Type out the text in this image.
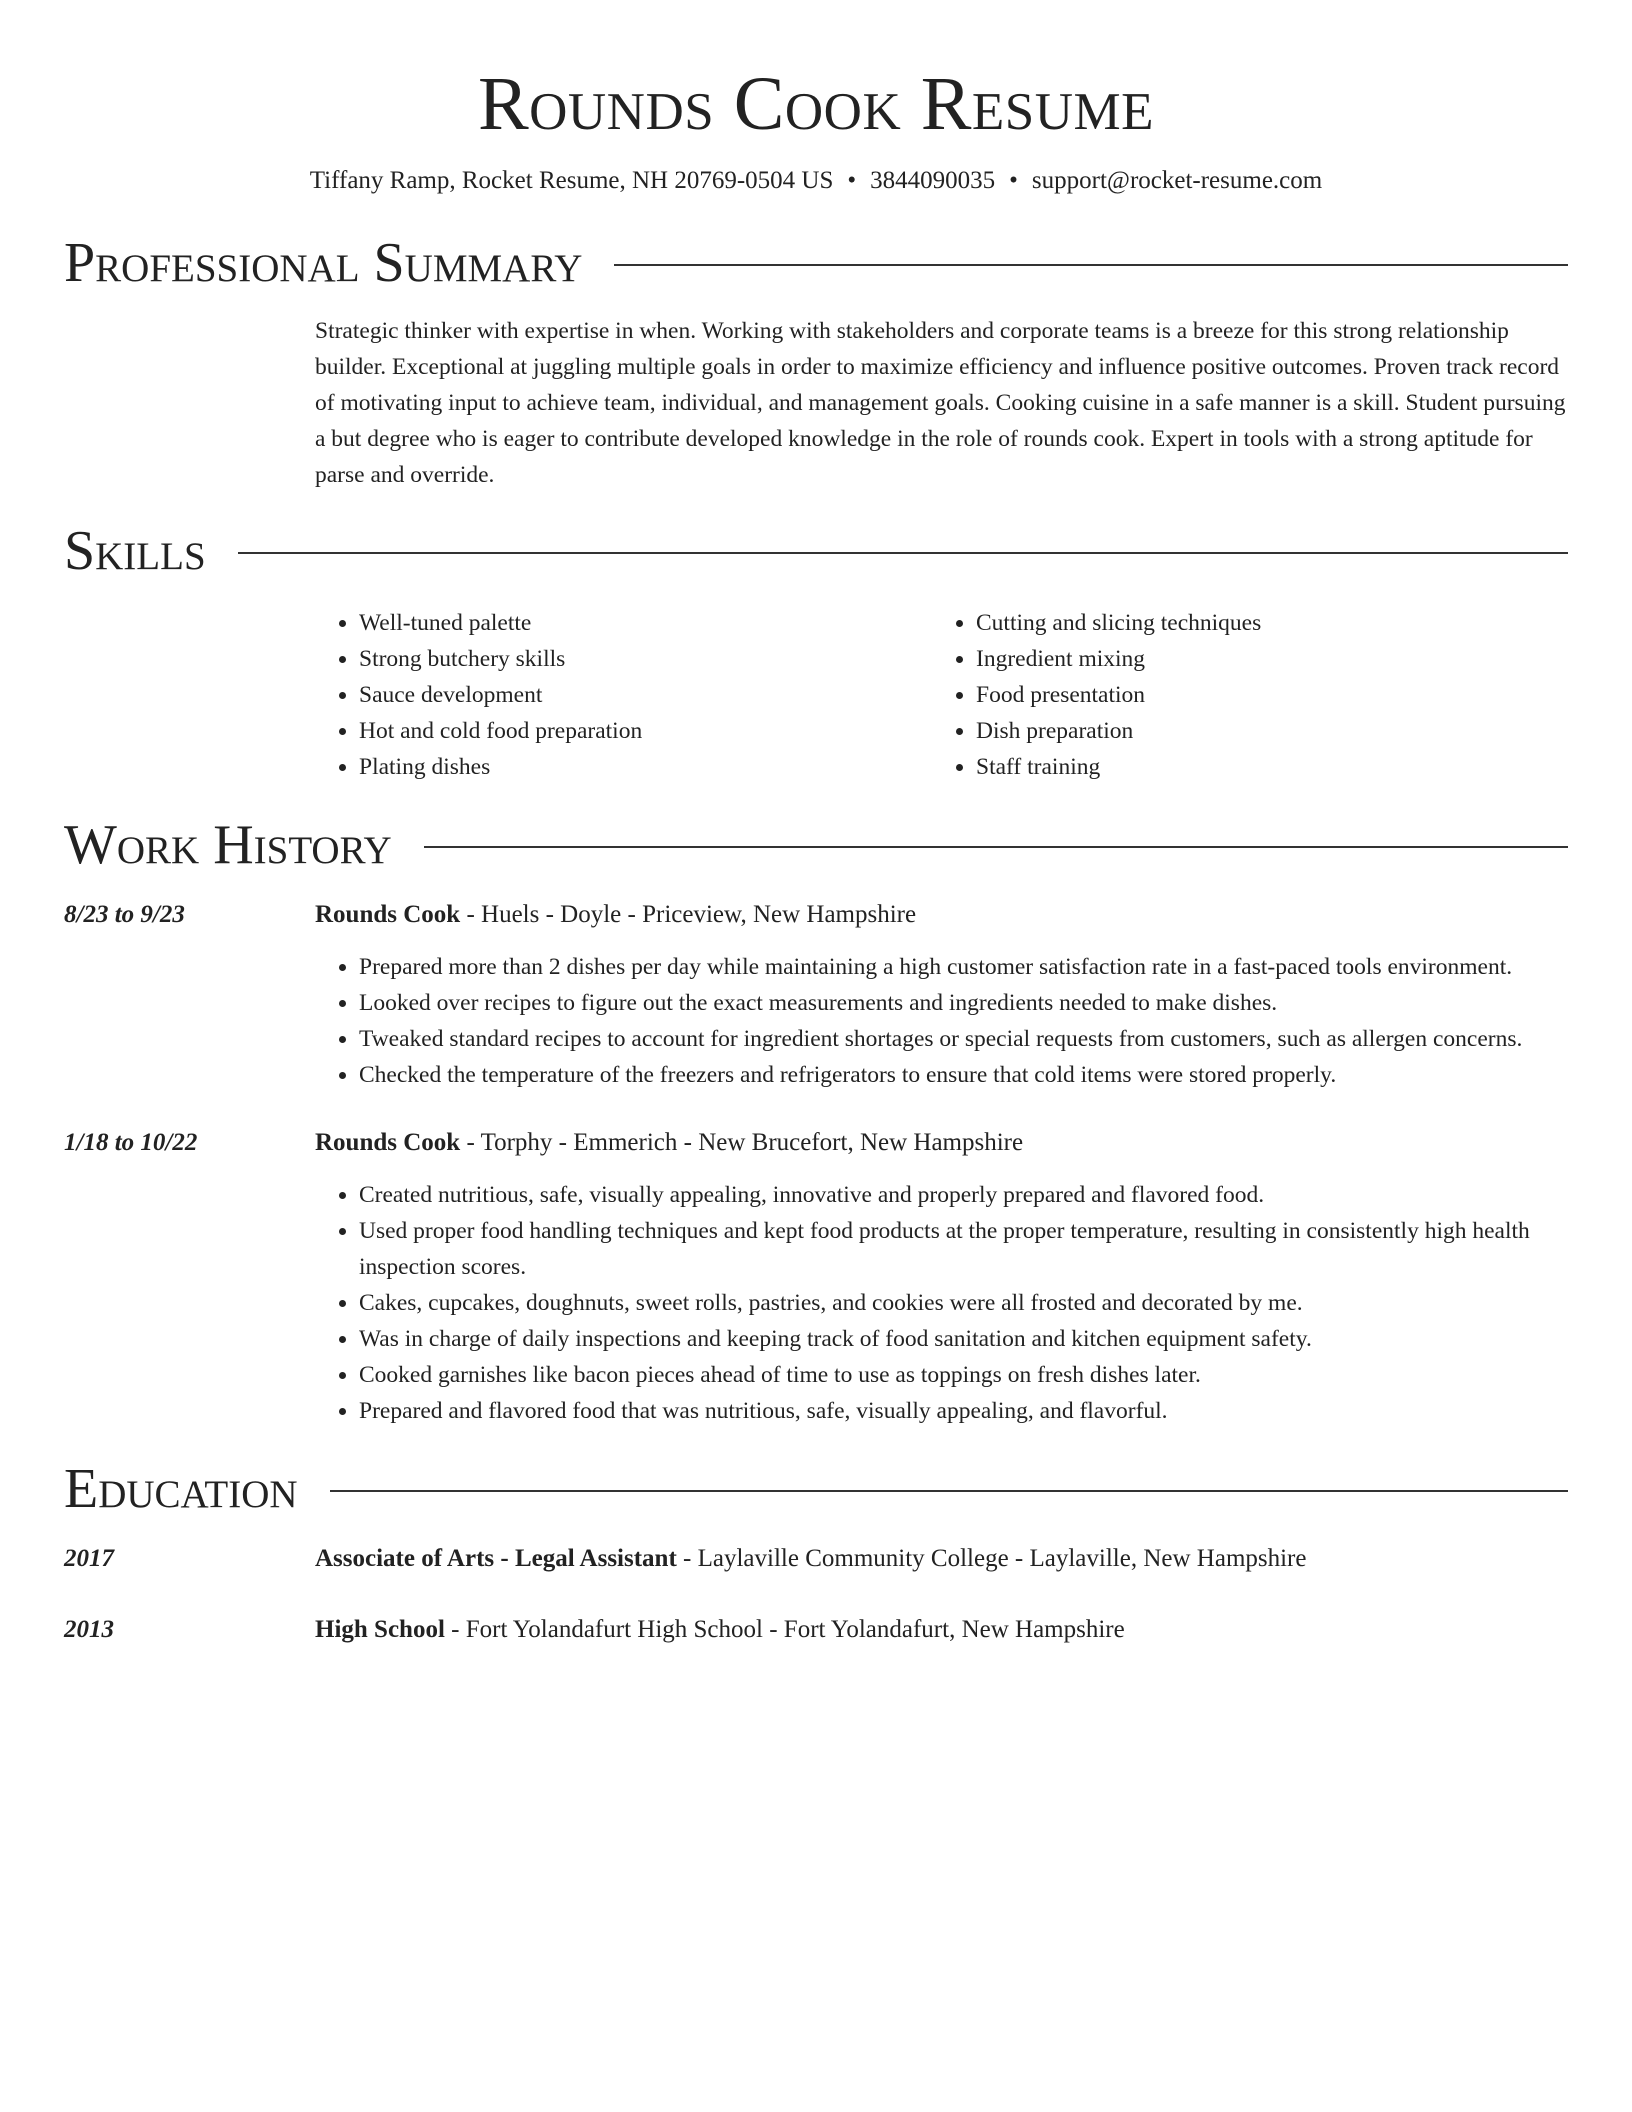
Rounds Cook Resume
Tiffany Ramp, Rocket Resume, NH 20769-0504 US • 3844090035 • support@rocket-resume.com
Professional Summary
Strategic thinker with expertise in when. Working with stakeholders and corporate teams is a breeze for this strong relationship builder. Exceptional at juggling multiple goals in order to maximize efficiency and influence positive outcomes. Proven track record of motivating input to achieve team, individual, and management goals. Cooking cuisine in a safe manner is a skill. Student pursuing a but degree who is eager to contribute developed knowledge in the role of rounds cook. Expert in tools with a strong aptitude for parse and override.
Skills
• Well-tuned palette
• Strong butchery skills
• Sauce development
• Hot and cold food preparation
• Plating dishes
• Cutting and slicing techniques
• Ingredient mixing
• Food presentation
• Dish preparation
• Staff training
Work History
8/23 to 9/23	Rounds Cook - Huels - Doyle - Priceview, New Hampshire
• Prepared more than 2 dishes per day while maintaining a high customer satisfaction rate in a fast-paced tools environment.
• Looked over recipes to figure out the exact measurements and ingredients needed to make dishes.
• Tweaked standard recipes to account for ingredient shortages or special requests from customers, such as allergen concerns.
• Checked the temperature of the freezers and refrigerators to ensure that cold items were stored properly.
1/18 to 10/22	Rounds Cook - Torphy - Emmerich - New Brucefort, New Hampshire
• Created nutritious, safe, visually appealing, innovative and properly prepared and flavored food.
• Used proper food handling techniques and kept food products at the proper temperature, resulting in consistently high health inspection scores.
• Cakes, cupcakes, doughnuts, sweet rolls, pastries, and cookies were all frosted and decorated by me.
• Was in charge of daily inspections and keeping track of food sanitation and kitchen equipment safety.
• Cooked garnishes like bacon pieces ahead of time to use as toppings on fresh dishes later.
• Prepared and flavored food that was nutritious, safe, visually appealing, and flavorful.
Education
2017	Associate of Arts - Legal Assistant - Laylaville Community College - Laylaville, New Hampshire
2013	High School - Fort Yolandafurt High School - Fort Yolandafurt, New Hampshire
